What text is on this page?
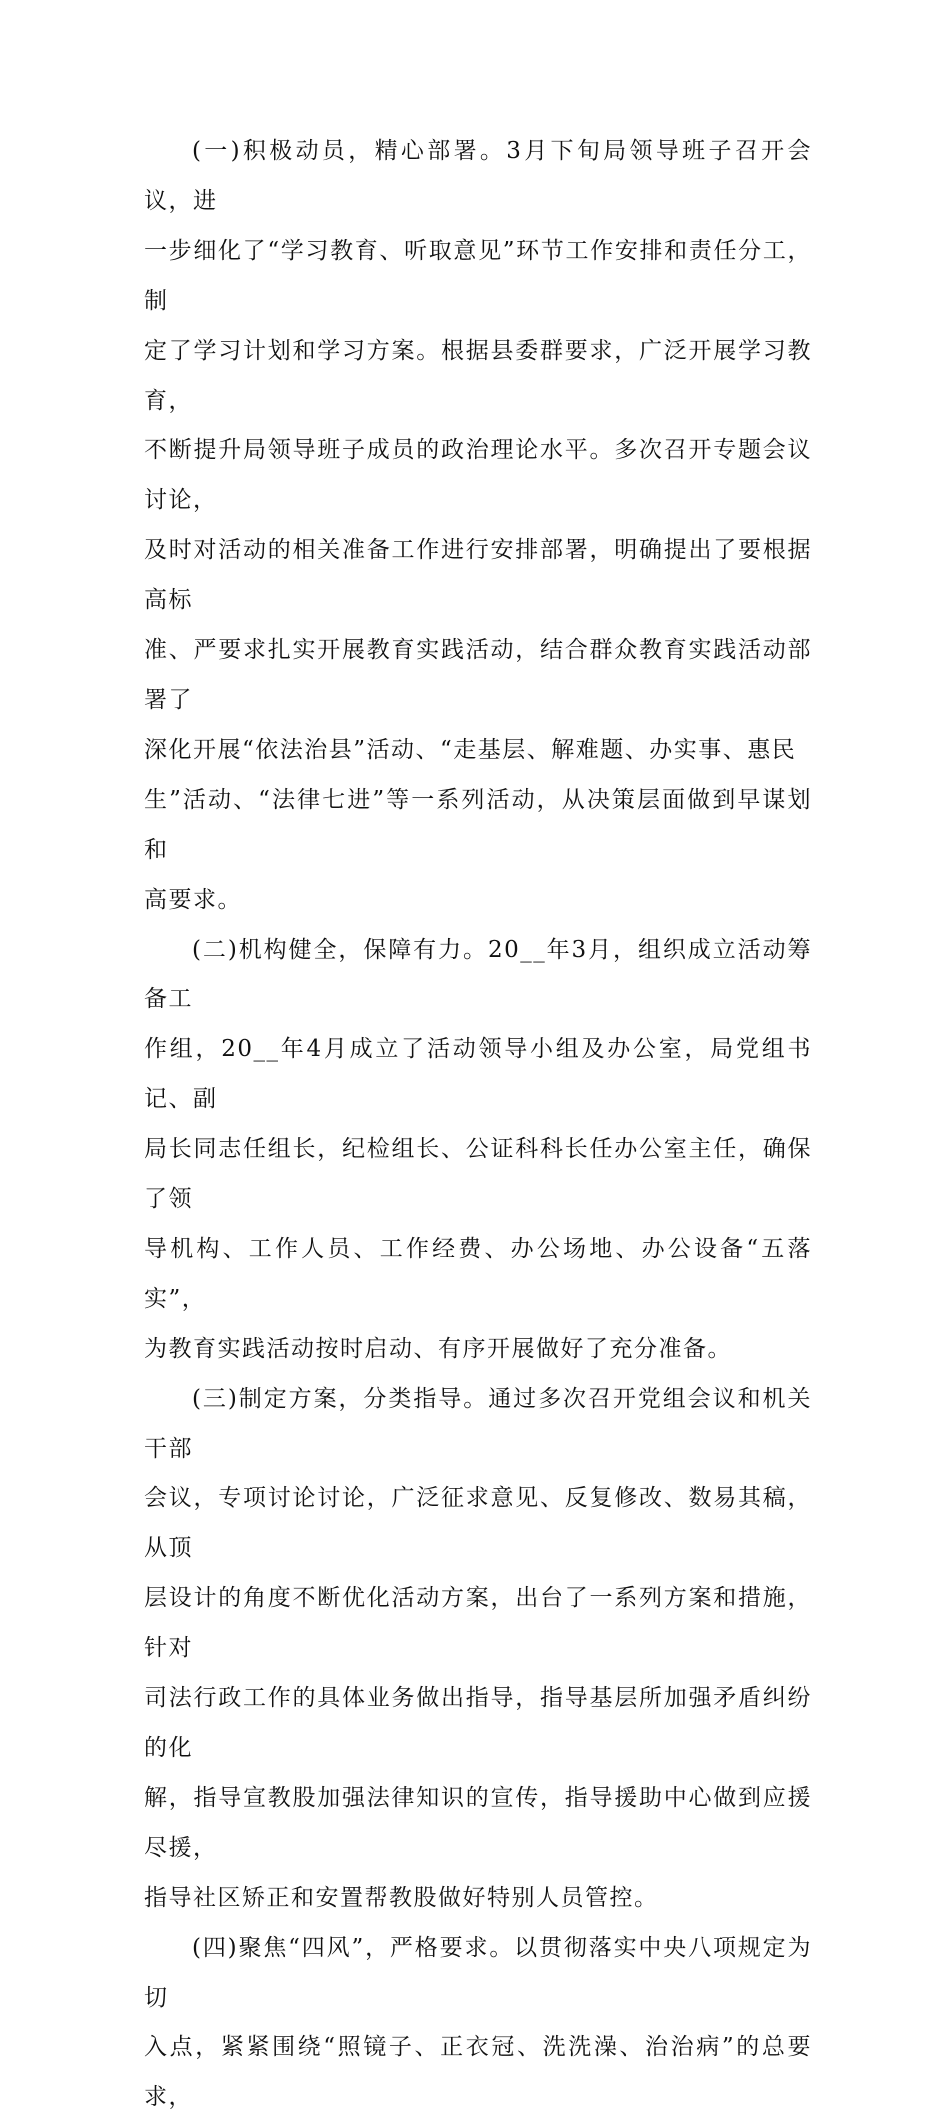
(一)积极动员，精心部署。3月下旬局领导班子召开会议，进
一步细化了“学习教育、听取意见”环节工作安排和责任分工，制
定了学习计划和学习方案。根据县委群要求，广泛开展学习教育，
不断提升局领导班子成员的政治理论水平。多次召开专题会议讨论，
及时对活动的相关准备工作进行安排部署，明确提出了要根据高标
准、严要求扎实开展教育实践活动，结合群众教育实践活动部署了
深化开展“依法治县”活动、“走基层、解难题、办实事、惠民
生”活动、“法律七进”等一系列活动，从决策层面做到早谋划和
高要求。

(二)机构健全，保障有力。20__年3月，组织成立活动筹备工
作组，20__年4月成立了活动领导小组及办公室，局党组书记、副
局长同志任组长，纪检组长、公证科科长任办公室主任，确保了领
导机构、工作人员、工作经费、办公场地、办公设备“五落实”，
为教育实践活动按时启动、有序开展做好了充分准备。

(三)制定方案，分类指导。通过多次召开党组会议和机关干部
会议，专项讨论讨论，广泛征求意见、反复修改、数易其稿，从顶
层设计的角度不断优化活动方案，出台了一系列方案和措施，针对
司法行政工作的具体业务做出指导，指导基层所加强矛盾纠纷的化
解，指导宣教股加强法律知识的宣传，指导援助中心做到应援尽援，
指导社区矫正和安置帮教股做好特别人员管控。

(四)聚焦“四风”，严格要求。以贯彻落实中央八项规定为切
入点，紧紧围绕“照镜子、正衣冠、洗洗澡、治治病”的总要求，
